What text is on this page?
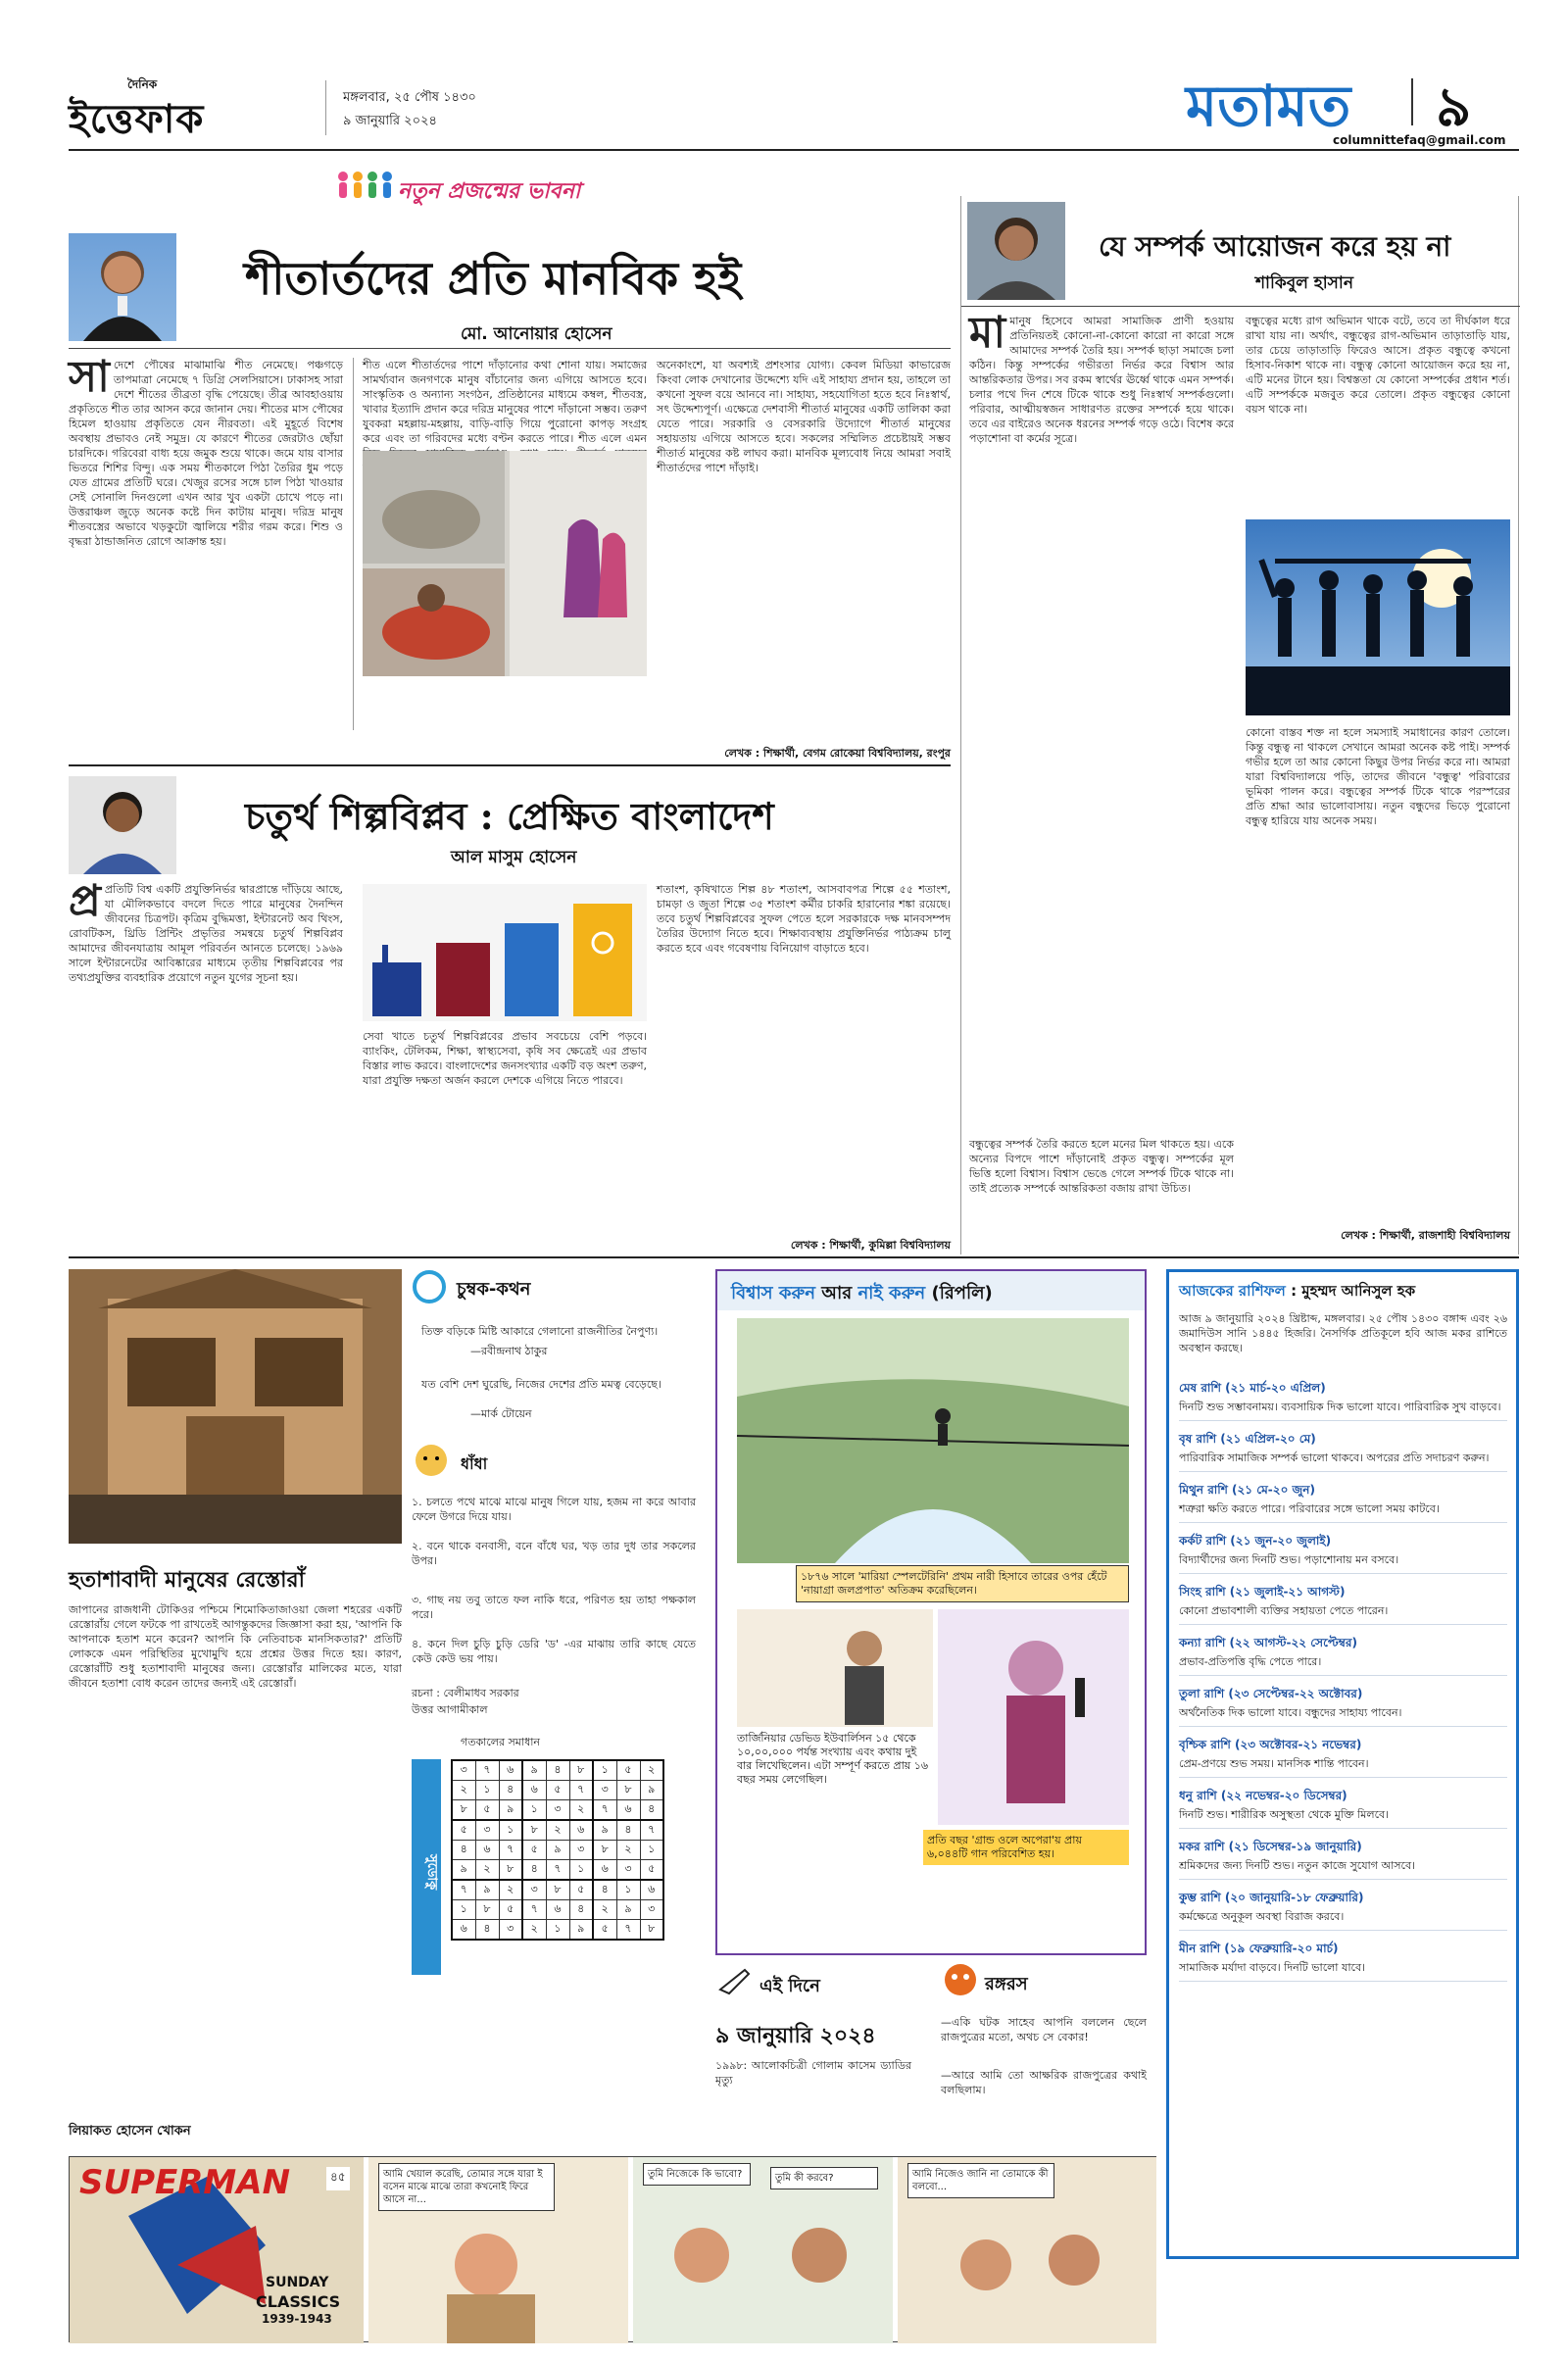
দৈনিক
ইত্তেফাক	মঙ্গলবার, ২৫ পৌষ ১৪৩০
৯ জানুয়ারি ২০২৪	মতামত ৯
columnittefaq@gmail.com
নতুন প্রজন্মের ভাবনা
শীতার্তদের প্রতি মানবিক হই
মো. আনোয়ার হোসেন
সাদেশে পৌষের মাঝামাঝি শীত নেমেছে। পঞ্চগড়ে তাপমাত্রা নেমেছে ৭ ডিগ্রি সেলসিয়াসে। ঢাকাসহ সারা দেশে শীতের তীব্রতা বৃদ্ধি পেয়েছে। তীব্র আবহাওয়ায় প্রকৃতিতে শীত তার আসন করে জানান দেয়। শীতের মাস পৌষের হিমেল হাওয়ায় প্রকৃতিতে যেন নীরবতা। এই মুহূর্তে বিশেষ অবস্থায় প্রভাবও নেই সমুদ্র। যে কারণে শীতের জেরটাও ছোঁয়া চারদিকে। গরিবেরা বাধ্য হয়ে জমুক শুয়ে থাকে। জমে যায় বাসার ভিতরে শিশির বিন্দু। এক সময় শীতকালে পিঠা তৈরির ধুম পড়ে যেত গ্রামের প্রতিটি ঘরে। খেজুর রসের সঙ্গে চাল পিঠা খাওয়ার সেই সোনালি দিনগুলো এখন আর খুব একটা চোখে পড়ে না। উত্তরাঞ্চল জুড়ে অনেক কষ্টে দিন কাটায় মানুষ। দরিদ্র মানুষ শীতবস্ত্রের অভাবে খড়কুটো জ্বালিয়ে শরীর গরম করে। শিশু ও বৃদ্ধরা ঠান্ডাজনিত রোগে আক্রান্ত হয়।
শীত এলে শীতার্তদের পাশে দাঁড়ানোর কথা শোনা যায়। সমাজের সামর্থ্যবান জনগণকে মানুষ বাঁচানোর জন্য এগিয়ে আসতে হবে। সাংস্কৃতিক ও অন্যান্য সংগঠন, প্রতিষ্ঠানের মাধ্যমে কম্বল, শীতবস্ত্র, খাবার ইত্যাদি প্রদান করে দরিদ্র মানুষের পাশে দাঁড়ানো সম্ভব। তরুণ যুবকরা মহল্লায়-মহল্লায়, বাড়ি-বাড়ি গিয়ে পুরোনো কাপড় সংগ্রহ করে এবং তা গরিবদের মধ্যে বণ্টন করতে পারে। শীত এলে এমন
অনেকাংশে, যা অবশ্যই প্রশংসার যোগ্য। কেবল মিডিয়া কাভারেজ কিংবা লোক দেখানোর উদ্দেশ্যে যদি এই সাহায্য প্রদান হয়, তাহলে তা কখনো সুফল বয়ে আনবে না। সাহায্য, সহযোগিতা হতে হবে নিঃস্বার্থ, সৎ উদ্দেশ্যপূর্ণ। এক্ষেত্রে দেশবাসী শীতার্ত মানুষের একটি তালিকা করা যেতে পারে। সরকারি ও বেসরকারি উদ্যোগে শীতার্ত মানুষের সহায়তায় এগিয়ে আসতে হবে। সকলের সম্মিলিত প্রচেষ্টায়ই সম্ভব শীতার্ত মানুষের কষ্ট লাঘব করা। মানবিক মূল্যবোধ নিয়ে আমরা সবাই শীতার্তদের পাশে দাঁড়াই।
লেখক : শিক্ষার্থী, বেগম রোকেয়া বিশ্ববিদ্যালয়, রংপুর
যে সম্পর্ক আয়োজন করে হয় না
শাকিবুল হাসান
মামানুষ হিসেবে আমরা সামাজিক প্রাণী হওয়ায় প্রতিনিয়তই কোনো-না-কোনো কারো না কারো সঙ্গে আমাদের সম্পর্ক তৈরি হয়। সম্পর্ক ছাড়া সমাজে চলা কঠিন। কিন্তু সম্পর্কের গভীরতা নির্ভর করে বিশ্বাস আর আন্তরিকতার উপর। সব রকম স্বার্থের ঊর্ধ্বে থাকে এমন সম্পর্ক। চলার পথে দিন শেষে টিকে থাকে শুধু নিঃস্বার্থ সম্পর্কগুলো। পরিবার, আত্মীয়স্বজন সাধারণত রক্তের সম্পর্কে হয়ে থাকে। তবে এর বাইরেও অনেক ধরনের সম্পর্ক গড়ে ওঠে। বিশেষ করে পড়াশোনা বা কর্মের সূত্রে।
বন্ধুত্বের মধ্যে রাগ অভিমান থাকে বটে, তবে তা দীর্ঘকাল ধরে রাখা যায় না। অর্থাৎ, বন্ধুত্বের রাগ-অভিমান তাড়াতাড়ি যায়, তার চেয়ে তাড়াতাড়ি ফিরেও আসে। প্রকৃত বন্ধুত্বে কখনো হিসাব-নিকাশ থাকে না। বন্ধুত্ব কোনো আয়োজন করে হয় না, এটি মনের টানে হয়। বিশ্বস্ততা যে কোনো সম্পর্কের প্রধান শর্ত। এটি সম্পর্ককে মজবুত করে তোলে। প্রকৃত বন্ধুত্বের কোনো বয়স থাকে না।
কোনো বাস্তব শক্ত না হলে সমস্যাই সমাধানের কারণ তোলে। কিন্তু বন্ধুত্ব না থাকলে সেখানে আমরা অনেক কষ্ট পাই। সম্পর্ক গভীর হলে তা আর কোনো কিছুর উপর নির্ভর করে না। আমরা যারা বিশ্ববিদ্যালয়ে পড়ি, তাদের জীবনে 'বন্ধুত্ব' পরিবারের ভূমিকা পালন করে। বন্ধুত্বের সম্পর্ক টিকে থাকে পরস্পরের প্রতি শ্রদ্ধা আর ভালোবাসায়। নতুন বন্ধুদের ভিড়ে পুরোনো বন্ধুত্ব হারিয়ে যায় অনেক সময়।
বন্ধুত্বের সম্পর্ক তৈরি করতে হলে মনের মিল থাকতে হয়। একে অন্যের বিপদে পাশে দাঁড়ানোই প্রকৃত বন্ধুত্ব। সম্পর্কের মূল ভিত্তি হলো বিশ্বাস। বিশ্বাস ভেঙে গেলে সম্পর্ক টিকে থাকে না। তাই প্রত্যেক সম্পর্কে আন্তরিকতা বজায় রাখা উচিত।
লেখক : শিক্ষার্থী, রাজশাহী বিশ্ববিদ্যালয়
চতুর্থ শিল্পবিপ্লব : প্রেক্ষিত বাংলাদেশ
আল মাসুম হোসেন
প্র প্রতিটি বিশ্ব একটি প্রযুক্তিনির্ভর দ্বারপ্রান্তে দাঁড়িয়ে আছে, যা মৌলিকভাবে বদলে দিতে পারে মানুষের দৈনন্দিন জীবনের চিত্রপট। কৃত্রিম বুদ্ধিমত্তা, ইন্টারনেট অব থিংস, রোবটিকস, থ্রিডি প্রিন্টিং প্রভৃতির সমন্বয়ে চতুর্থ শিল্পবিপ্লব আমাদের জীবনযাত্রায় আমূল পরিবর্তন আনতে চলেছে। ১৯৬৯ সালে ইন্টারনেটের আবিষ্কারের মাধ্যমে তৃতীয় শিল্পবিপ্লবের পর তথ্যপ্রযুক্তির ব্যবহারিক প্রয়োগে নতুন যুগের সূচনা হয়।
সেবা খাতে চতুর্থ শিল্পবিপ্লবের প্রভাব সবচেয়ে বেশি পড়বে। ব্যাংকিং, টেলিকম, শিক্ষা, স্বাস্থ্যসেবা, কৃষি সব ক্ষেত্রেই এর প্রভাব বিস্তার লাভ করবে। বাংলাদেশের জনসংখ্যার একটি বড় অংশ তরুণ, যারা প্রযুক্তি দক্ষতা অর্জন করলে দেশকে এগিয়ে নিতে পারবে।
শতাংশ, কৃষিখাতে শিল্প ৪৮ শতাংশ, আসবাবপত্র শিল্পে ৫৫ শতাংশ, চামড়া ও জুতা শিল্পে ৩৫ শতাংশ কর্মীর চাকরি হারানোর শঙ্কা রয়েছে। তবে চতুর্থ শিল্পবিপ্লবের সুফল পেতে হলে সরকারকে দক্ষ মানবসম্পদ তৈরির উদ্যোগ নিতে হবে। শিক্ষাব্যবস্থায় প্রযুক্তিনির্ভর পাঠ্যক্রম চালু করতে হবে এবং গবেষণায় বিনিয়োগ বাড়াতে হবে।
লেখক : শিক্ষার্থী, কুমিল্লা বিশ্ববিদ্যালয়
হতাশাবাদী মানুষের রেস্তোরাঁ
জাপানের রাজধানী টোকিওর পশ্চিমে শিমোকিতাজাওয়া জেলা শহরের একটি রেস্তোরাঁয় গেলে ফটকে পা রাখতেই আগন্তুকদের জিজ্ঞাসা করা হয়, 'আপনি কি আপনাকে হতাশ মনে করেন? আপনি কি নেতিবাচক মানসিকতার?' প্রতিটি লোককে এমন পরিস্থিতির মুখোমুখি হয়ে প্রশ্নের উত্তর দিতে হয়। কারণ, রেস্তোরাঁটি শুধু হতাশাবাদী মানুষের জন্য। রেস্তোরাঁর মালিকের মতে, যারা জীবনে হতাশা বোধ করেন তাদের জন্যই এই রেস্তোরাঁ।
লিয়াকত হোসেন খোকন
চুম্বক-কথন
তিক্ত বড়িকে মিষ্টি আকারে গেলানো রাজনীতির নৈপুণ্য।
—রবীন্দ্রনাথ ঠাকুর
যত বেশি দেশ ঘুরেছি, নিজের দেশের প্রতি মমত্ব বেড়েছে।
—মার্ক টোয়েন
ধাঁধা
১. চলতে পথে মাঝে মাঝে মানুষ গিলে যায়, হজম না করে আবার ফেলে উগরে দিয়ে যায়।
২. বনে থাকে বনবাসী, বনে বাঁধে ঘর, খড় তার দুধ তার সকলের উপর।
৩. গাছ নয় তবু তাতে ফল নাকি ধরে, পরিণত হয় তাহা পক্ষকাল পরে।
৪. কনে দিল চুড়ি চুড়ি ডেরি 'ড' -এর মাঝায় তারি কাছে যেতে কেউ কেউ ভয় পায়।
রচনা : বেলীমাধব সরকার
উত্তর আগামীকাল
গতকালের সমাধান
সুডোকু
৩	৭	৬	৯	৪	৮	১	৫	২
২	১	৪	৬	৫	৭	৩	৮	৯
৮	৫	৯	১	৩	২	৭	৬	৪
৫	৩	১	৮	২	৬	৯	৪	৭
৪	৬	৭	৫	৯	৩	৮	২	১
৯	২	৮	৪	৭	১	৬	৩	৫
৭	৯	২	৩	৮	৫	৪	১	৬
১	৮	৫	৭	৬	৪	২	৯	৩
৬	৪	৩	২	১	৯	৫	৭	৮
বিশ্বাস করুন আর নাই করুন (রিপলি)
১৮৭৬ সালে 'মারিয়া স্পেলটেরিনি' প্রথম নারী হিসাবে তারের ওপর হেঁটে 'নায়াগ্রা জলপ্রপাত' অতিক্রম করেছিলেন।
তার্জিনিয়ার ডেভিড ইউবার্লিসন ১৫ থেকে ১০,০০,০০০ পর্যন্ত সংখ্যায় এবং কথায় দুই বার লিখেছিলেন। এটা সম্পূর্ণ করতে প্রায় ১৬ বছর সময় লেগেছিল।
প্রতি বছর 'গ্রান্ড ওলে অপেরা'য় প্রায় ৬,০৪৪টি গান পরিবেশিত হয়।
এই দিনে
৯ জানুয়ারি ২০২৪
১৯৯৮: আলোকচিত্রী গোলাম কাসেম ড্যাডির মৃত্যু
রঙ্গরস
—একি ঘটক সাহেব আপনি বললেন ছেলে রাজপুত্রের মতো, অথচ সে বেকার!
—আরে আমি তো আক্ষরিক রাজপুত্রের কথাই বলছিলাম।
আজকের রাশিফল : মুহম্মদ আনিসুল হক
আজ ৯ জানুয়ারি ২০২৪ খ্রিষ্টাব্দ, মঙ্গলবার। ২৫ পৌষ ১৪৩০ বঙ্গাব্দ এবং ২৬ জমাদিউস সানি ১৪৪৫ হিজরি। নৈসর্গিক প্রতিকূলে হবি আজ মকর রাশিতে অবস্থান করছে।
মেষ রাশি (২১ মার্চ-২০ এপ্রিল)
দিনটি শুভ সম্ভাবনাময়। ব্যবসায়িক দিক ভালো যাবে। পারিবারিক সুখ বাড়বে।
বৃষ রাশি (২১ এপ্রিল-২০ মে)
পারিবারিক সামাজিক সম্পর্ক ভালো থাকবে। অপরের প্রতি সদাচরণ করুন।
মিথুন রাশি (২১ মে-২০ জুন)
শত্রুরা ক্ষতি করতে পারে। পরিবারের সঙ্গে ভালো সময় কাটবে।
কর্কট রাশি (২১ জুন-২০ জুলাই)
বিদ্যার্থীদের জন্য দিনটি শুভ। পড়াশোনায় মন বসবে।
সিংহ রাশি (২১ জুলাই-২১ আগস্ট)
কোনো প্রভাবশালী ব্যক্তির সহায়তা পেতে পারেন।
কন্যা রাশি (২২ আগস্ট-২২ সেপ্টেম্বর)
প্রভাব-প্রতিপত্তি বৃদ্ধি পেতে পারে।
তুলা রাশি (২৩ সেপ্টেম্বর-২২ অক্টোবর)
অর্থনৈতিক দিক ভালো যাবে। বন্ধুদের সাহায্য পাবেন।
বৃশ্চিক রাশি (২৩ অক্টোবর-২১ নভেম্বর)
প্রেম-প্রণয়ে শুভ সময়। মানসিক শান্তি পাবেন।
ধনু রাশি (২২ নভেম্বর-২০ ডিসেম্বর)
দিনটি শুভ। শারীরিক অসুস্থতা থেকে মুক্তি মিলবে।
মকর রাশি (২১ ডিসেম্বর-১৯ জানুয়ারি)
শ্রমিকদের জন্য দিনটি শুভ। নতুন কাজে সুযোগ আসবে।
কুম্ভ রাশি (২০ জানুয়ারি-১৮ ফেব্রুয়ারি)
কর্মক্ষেত্রে অনুকূল অবস্থা বিরাজ করবে।
মীন রাশি (১৯ ফেব্রুয়ারি-২০ মার্চ)
সামাজিক মর্যাদা বাড়বে। দিনটি ভালো যাবে।
SUPERMAN
SUNDAY
CLASSICS
1939-1943
৪৫	আমি খেয়াল করেছি, তোমার সঙ্গে যারা ই বসেন মাঝে মাঝে তারা কখনোই ফিরে আসে না...
তুমি নিজেকে কি ভাবো?	তুমি কী করবে?	আমি নিজেও জানি না তোমাকে কী বলবো...
